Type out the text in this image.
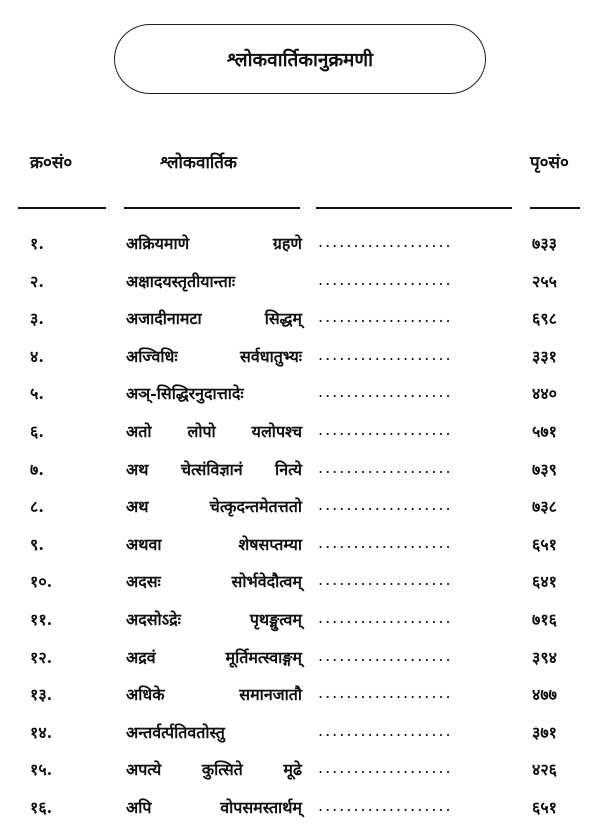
श्लोकवार्तिकानुक्रमणी
क्र०सं०	श्लोकवार्तिक	पृ०सं०
१.	अक्रियमाणे	ग्रहणे ...................	७३३
२.	अक्षादयस्तृतीयान्ताः	...................	२५५
३.	अजादीनामटा	सिद्धम् ...................	६९८
४.	अज्विधिः	सर्वधातुभ्यः ...................	३३१
५.	अञ्-सिद्धिरनुदात्तादेः	...................	४४०
६.	अतो लोपो यलोपश्च ...................	५७१
७.	अथ चेत्संविज्ञानं नित्ये ...................	७३९
८.	अथ	चेत्कृदन्तमेतत्ततो ...................	७३८
९.	अथवा	शेषसप्तम्या ...................	६५१
१०.	अदसः	सोर्भवेदौत्वम् ...................	६४१
११.	अदसोऽद्रेः	पृथङ्मुत्वम् ...................	७१६
१२.	अद्रवं	मूर्तिमत्स्वाङ्गम् ...................	३९४
१३.	अधिके	समानजातौ ...................	४७७
१४.	अन्तर्वर्त्पतिवतोस्तु	...................	३७१
१५.	अपत्ये	कुत्सिते	मूढे ...................	४२६
१६.	अपि	वोपसमस्तार्थम् ...................	६५१
